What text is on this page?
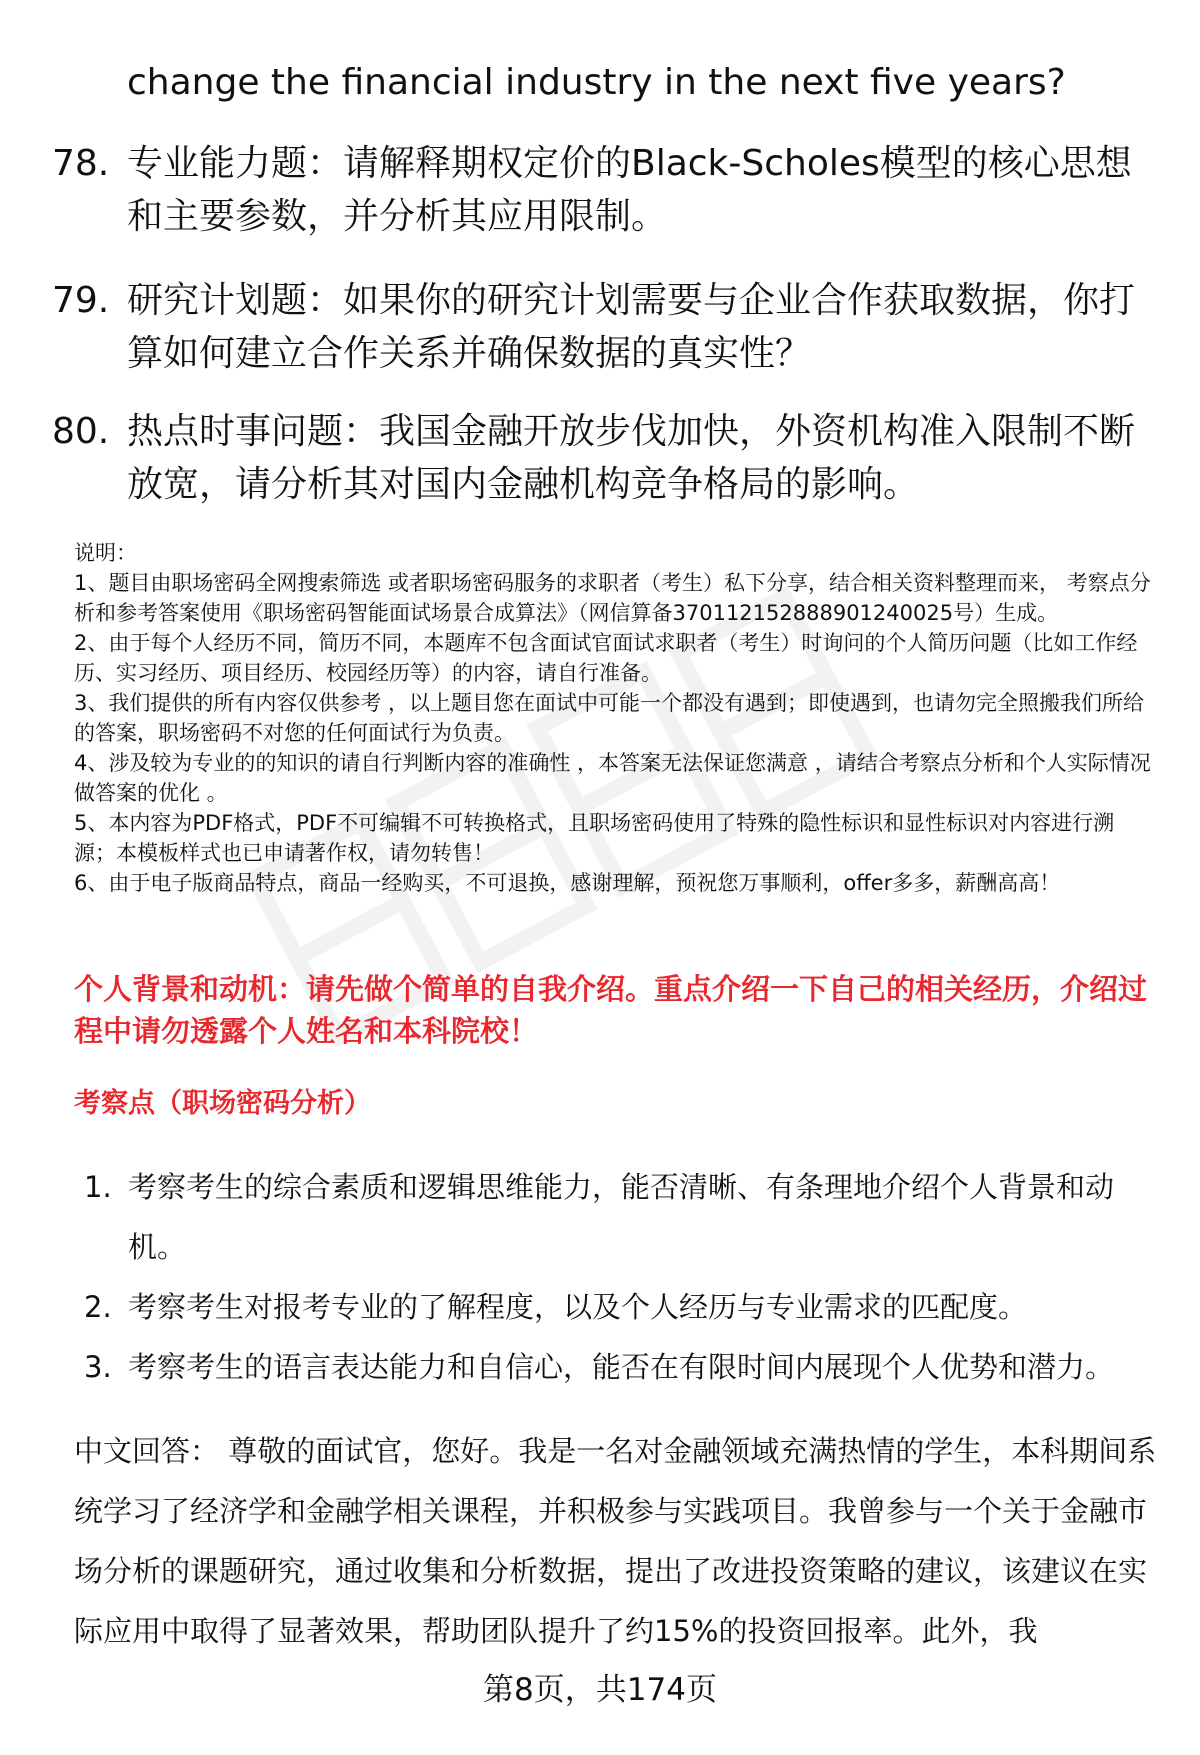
change the financial industry in the next five years?
78. 专业能力题：请解释期权定价的Black-Scholes模型的核心思想和主要参数，并分析其应用限制。
79. 研究计划题：如果你的研究计划需要与企业合作获取数据，你打算如何建立合作关系并确保数据的真实性？
80. 热点时事问题：我国金融开放步伐加快，外资机构准入限制不断放宽，请分析其对国内金融机构竞争格局的影响。

说明：

1、题目由职场密码全网搜索筛选 或者职场密码服务的求职者（考生）私下分享，结合相关资料整理而来， 考察点分析和参考答案使用《职场密码智能面试场景合成算法》（网信算备370112152888901240025号）生成。

2、由于每个人经历不同，简历不同，本题库不包含面试官面试求职者（考生）时询问的个人简历问题（比如工作经历、实习经历、项目经历、校园经历等）的内容，请自行准备。

3、我们提供的所有内容仅供参考 ，以上题目您在面试中可能一个都没有遇到；即使遇到，也请勿完全照搬我们所给的答案，职场密码不对您的任何面试行为负责。

4、涉及较为专业的的知识的请自行判断内容的准确性 ，本答案无法保证您满意 ，请结合考察点分析和个人实际情况做答案的优化 。

5、本内容为PDF格式，PDF不可编辑不可转换格式，且职场密码使用了特殊的隐性标识和显性标识对内容进行溯源；本模板样式也已申请著作权，请勿转售！

6、由于电子版商品特点，商品一经购买，不可退换，感谢理解，预祝您万事顺利，offer多多，薪酬高高！

个人背景和动机：请先做个简单的自我介绍。重点介绍一下自己的相关经历，介绍过程中请勿透露个人姓名和本科院校！
考察点（职场密码分析）
1. 考察考生的综合素质和逻辑思维能力，能否清晰、有条理地介绍个人背景和动机。
2. 考察考生对报考专业的了解程度，以及个人经历与专业需求的匹配度。
3. 考察考生的语言表达能力和自信心，能否在有限时间内展现个人优势和潜力。
中文回答： 尊敬的面试官，您好。我是一名对金融领域充满热情的学生，本科期间系统学习了经济学和金融学相关课程，并积极参与实践项目。我曾参与一个关于金融市场分析的课题研究，通过收集和分析数据，提出了改进投资策略的建议，该建议在实际应用中取得了显著效果，帮助团队提升了约15%的投资回报率。此外，我
第8页，共174页
